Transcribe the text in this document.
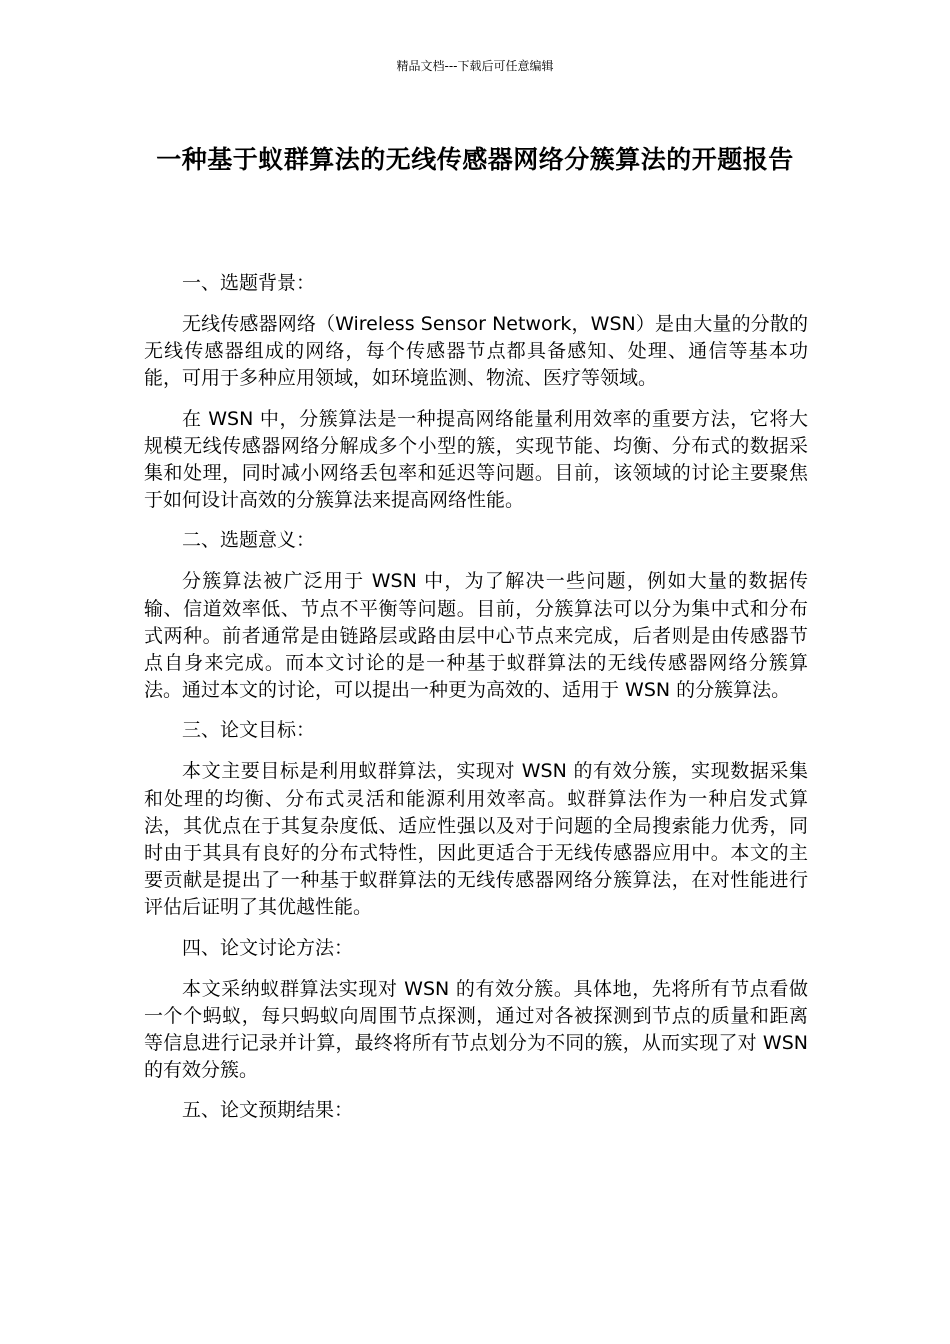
精品文档---下载后可任意编辑
一种基于蚁群算法的无线传感器网络分簇算法的开题报告

一、选题背景：

无线传感器网络（Wireless Sensor Network，WSN）是由大量的分散的无线传感器组成的网络，每个传感器节点都具备感知、处理、通信等基本功能，可用于多种应用领域，如环境监测、物流、医疗等领域。

在 WSN 中，分簇算法是一种提高网络能量利用效率的重要方法，它将大规模无线传感器网络分解成多个小型的簇，实现节能、均衡、分布式的数据采集和处理，同时减小网络丢包率和延迟等问题。目前，该领域的讨论主要聚焦于如何设计高效的分簇算法来提高网络性能。

二、选题意义：

分簇算法被广泛用于 WSN 中，为了解决一些问题，例如大量的数据传输、信道效率低、节点不平衡等问题。目前，分簇算法可以分为集中式和分布式两种。前者通常是由链路层或路由层中心节点来完成，后者则是由传感器节点自身来完成。而本文讨论的是一种基于蚁群算法的无线传感器网络分簇算法。通过本文的讨论，可以提出一种更为高效的、适用于 WSN 的分簇算法。

三、论文目标：

本文主要目标是利用蚁群算法，实现对 WSN 的有效分簇，实现数据采集和处理的均衡、分布式灵活和能源利用效率高。蚁群算法作为一种启发式算法，其优点在于其复杂度低、适应性强以及对于问题的全局搜索能力优秀，同时由于其具有良好的分布式特性，因此更适合于无线传感器应用中。本文的主要贡献是提出了一种基于蚁群算法的无线传感器网络分簇算法，在对性能进行评估后证明了其优越性能。

四、论文讨论方法：

本文采纳蚁群算法实现对 WSN 的有效分簇。具体地，先将所有节点看做一个个蚂蚁，每只蚂蚁向周围节点探测，通过对各被探测到节点的质量和距离等信息进行记录并计算，最终将所有节点划分为不同的簇，从而实现了对 WSN 的有效分簇。

五、论文预期结果：
